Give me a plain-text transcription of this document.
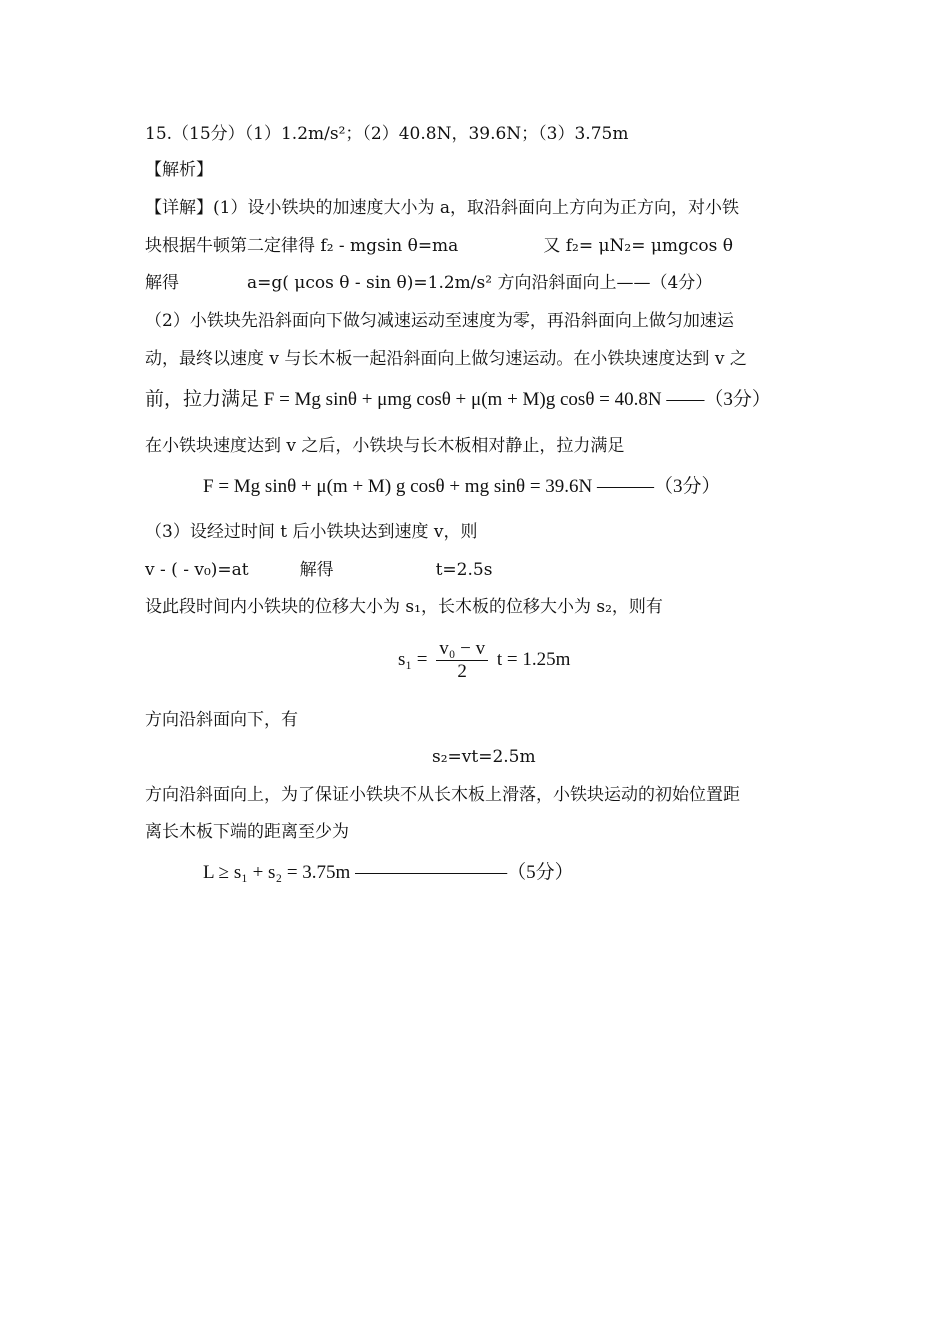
15.（15分）（1）1.2m/s²；（2）40.8N，39.6N；（3）3.75m
【解析】
【详解】(1）设小铁块的加速度大小为 a，取沿斜面向上方向为正方向，对小铁
块根据牛顿第二定律得 f₂ - mgsin θ=ma　　　　　又 f₂= μN₂= μmgcos θ
解得　　　　a=g( μcos θ - sin θ)=1.2m/s² 方向沿斜面向上——（4分）
（2）小铁块先沿斜面向下做匀减速运动至速度为零，再沿斜面向上做匀加速运
动，最终以速度 v 与长木板一起沿斜面向上做匀速运动。在小铁块速度达到 v 之
前，拉力满足 F = Mg sinθ + μmg cosθ + μ(m + M)g cosθ = 40.8N ——（3分）
在小铁块速度达到 v 之后，小铁块与长木板相对静止，拉力满足
F = Mg sinθ + μ(m + M) g cosθ + mg sinθ = 39.6N ———（3分）
（3）设经过时间 t 后小铁块达到速度 v，则
v - ( - v₀)=at　　　解得　　　　　　t=2.5s
设此段时间内小铁块的位移大小为 s₁，长木板的位移大小为 s₂，则有
$s_1 = \frac{\text{v₀ − v}}{2}$ t = 1.25m
方向沿斜面向下，有
s₂=vt=2.5m
方向沿斜面向上，为了保证小铁块不从长木板上滑落，小铁块运动的初始位置距
离长木板下端的距离至少为
L ≥ s₁ + s₂ = 3.75m ————————（5分）
